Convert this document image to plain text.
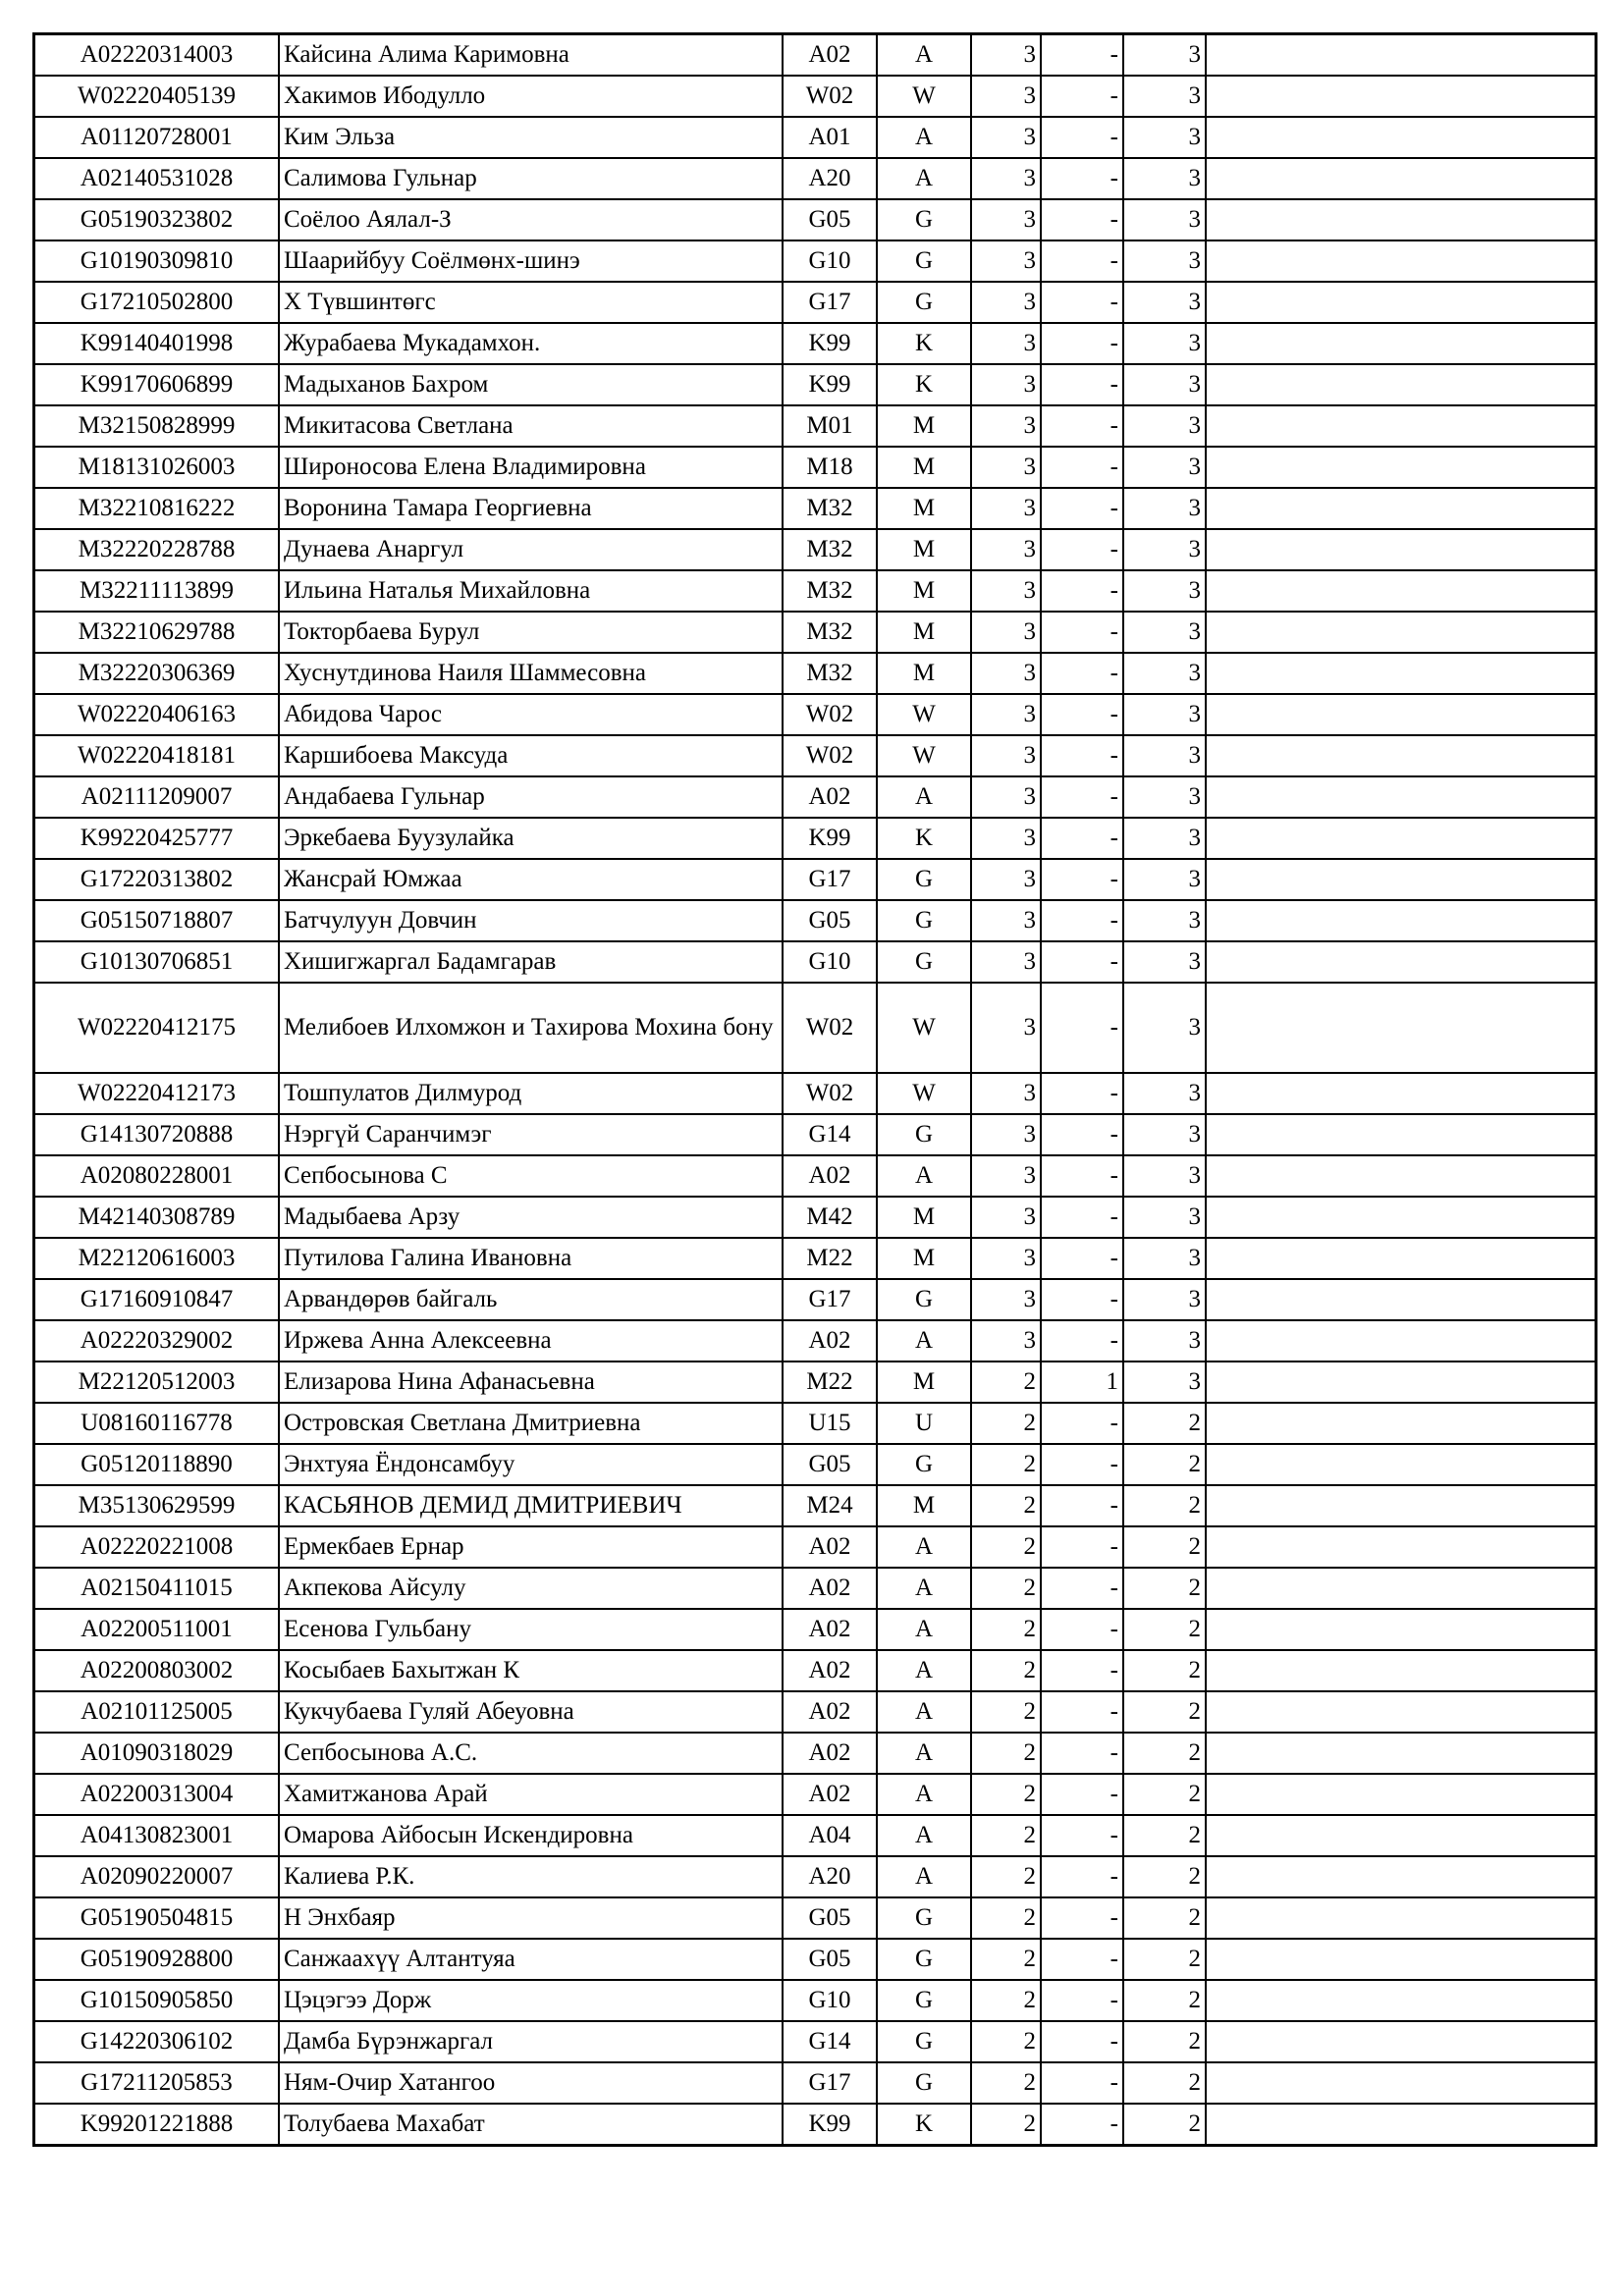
A02220314003	Кайсина Алима Каримовна	A02	A	3	-	3	
W02220405139	Хакимов Ибодулло	W02	W	3	-	3	
A01120728001	Ким Эльза	A01	A	3	-	3	
A02140531028	Салимова Гульнар	A20	A	3	-	3	
G05190323802	Соёлоо Аялал-З	G05	G	3	-	3	
G10190309810	Шаарийбуу Соёлмөнх-шинэ	G10	G	3	-	3	
G17210502800	Х Түвшинтөгс	G17	G	3	-	3	
K99140401998	Журабаева Мукадамхон.	K99	K	3	-	3	
K99170606899	Мадыханов Бахром	K99	K	3	-	3	
M32150828999	Микитасова Светлана	M01	M	3	-	3	
M18131026003	Широносова Елена Владимировна	M18	M	3	-	3	
M32210816222	Воронина Тамара Георгиевна	M32	M	3	-	3	
M32220228788	Дунаева Анаргул	M32	M	3	-	3	
M32211113899	Ильина Наталья Михайловна	M32	M	3	-	3	
M32210629788	Токторбаева Бурул	M32	M	3	-	3	
M32220306369	Хуснутдинова Наиля Шаммесовна	M32	M	3	-	3	
W02220406163	Абидова Чарос	W02	W	3	-	3	
W02220418181	Каршибоева Максуда	W02	W	3	-	3	
A02111209007	Андабаева Гульнар	A02	A	3	-	3	
K99220425777	Эркебаева Буузулайка	K99	K	3	-	3	
G17220313802	Жансрай Юмжаа	G17	G	3	-	3	
G05150718807	Батчулуун Довчин	G05	G	3	-	3	
G10130706851	Хишигжаргал Бадамгарав	G10	G	3	-	3	
W02220412175	Мелибоев Илхомжон и Тахирова Мохина бону	W02	W	3	-	3	
W02220412173	Тошпулатов Дилмурод	W02	W	3	-	3	
G14130720888	Нэргүй Саранчимэг	G14	G	3	-	3	
A02080228001	Сепбосынова С	A02	A	3	-	3	
M42140308789	Мадыбаева Арзу	M42	M	3	-	3	
M22120616003	Путилова Галина Ивановна	M22	M	3	-	3	
G17160910847	Арвандөрөв байгаль	G17	G	3	-	3	
A02220329002	Иржева Анна Алексеевна	A02	A	3	-	3	
M22120512003	Елизарова Нина Афанасьевна	M22	M	2	1	3	
U08160116778	Островская Светлана Дмитриевна	U15	U	2	-	2	
G05120118890	Энхтуяа Ёндонсамбуу	G05	G	2	-	2	
M35130629599	КАСЬЯНОВ ДЕМИД ДМИТРИЕВИЧ	M24	M	2	-	2	
A02220221008	Ермекбаев Ернар	A02	A	2	-	2	
A02150411015	Акпекова Айсулу	A02	A	2	-	2	
A02200511001	Есенова Гульбану	A02	A	2	-	2	
A02200803002	Косыбаев Бахытжан К	A02	A	2	-	2	
A02101125005	Кукчубаева Гуляй Абеуовна	A02	A	2	-	2	
A01090318029	Сепбосынова А.С.	A02	A	2	-	2	
A02200313004	Хамитжанова Арай	A02	A	2	-	2	
A04130823001	Омарова Айбосын Искендировна	A04	A	2	-	2	
A02090220007	Калиева Р.К.	A20	A	2	-	2	
G05190504815	Н Энхбаяр	G05	G	2	-	2	
G05190928800	Санжаахүү Алтантуяа	G05	G	2	-	2	
G10150905850	Цэцэгээ Дорж	G10	G	2	-	2	
G14220306102	Дамба Бүрэнжаргал	G14	G	2	-	2	
G17211205853	Ням-Очир Хатангоо	G17	G	2	-	2	
K99201221888	Толубаева Махабат	K99	K	2	-	2	
